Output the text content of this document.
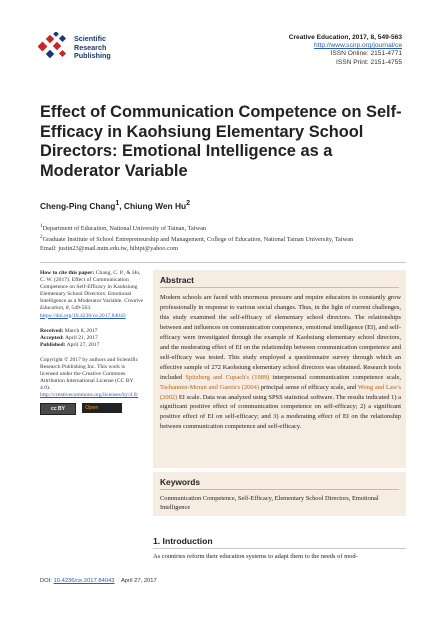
Scientific
Research
Publishing
Creative Education, 2017, 8, 549-563
http://www.scirp.org/journal/ce
ISSN Online: 2151-4771
ISSN Print: 2151-4755
Effect of Communication Competence on Self-Efficacy in Kaohsiung Elementary School Directors: Emotional Intelligence as a Moderator Variable
Cheng-Ping Chang$^1$, Chiung Wen Hu$^2$
$^1$Department of Education, National University of Tainan, Taiwan
$^2$Graduate Institute of School Entrepreneurship and Management, College of Education, National Tainan University, Taiwan
Email: justin23@mail.nutn.edu.tw, hihipi@yahoo.com
How to cite this paper: Chang, C. P., & Hu, C. W. (2017). Effect of Communication Competence on Self-Efficacy in Kaohsiung Elementary School Directors: Emotional Intelligence as a Moderator Variable. Creative Education, 8, 549-563. https://doi.org/10.4236/ce.2017.84043
Received: March 8, 2017
Accepted: April 21, 2017
Published: April 27, 2017
Copyright © 2017 by authors and Scientific Research Publishing Inc. This work is licensed under the Creative Commons Attribution International License (CC BY 4.0).
http://creativecommons.org/licenses/by/4.0/
cc BY	Open Access
Abstract
Modern schools are faced with enormous pressure and require educators to constantly grow professionally in response to various social changes. Thus, in the light of current challenges, this study examined the self-efficacy of elementary school directors. The relationships between and influences on communication competence, emotional intelligence (EI), and self-efficacy were investigated through the example of Kaohsiung elementary school directors, and the moderating effect of EI on the relationship between communication competence and self-efficacy was tested. This study employed a questionnaire survey through which an effective sample of 272 Kaohsiung elementary school directors was obtained. Research tools included Spitzberg and Cupach's (1989) interpersonal communication competence scale, Tschannen-Moran and Gareis's (2004) principal sense of efficacy scale, and Wong and Law's (2002) EI scale. Data was analyzed using SPSS statistical software. The results indicated 1) a significant positive effect of communication competence on self-efficacy; 2) a significant positive effect of EI on self-efficacy; and 3) a moderating effect of EI on the relationship between communication competence and self-efficacy.
Keywords
Communication Competence, Self-Efficacy, Elementary School Directors, Emotional Intelligence
1. Introduction
As countries reform their education systems to adapt them to the needs of mod-
DOI: 10.4236/ce.2017.84043 April 27, 2017
